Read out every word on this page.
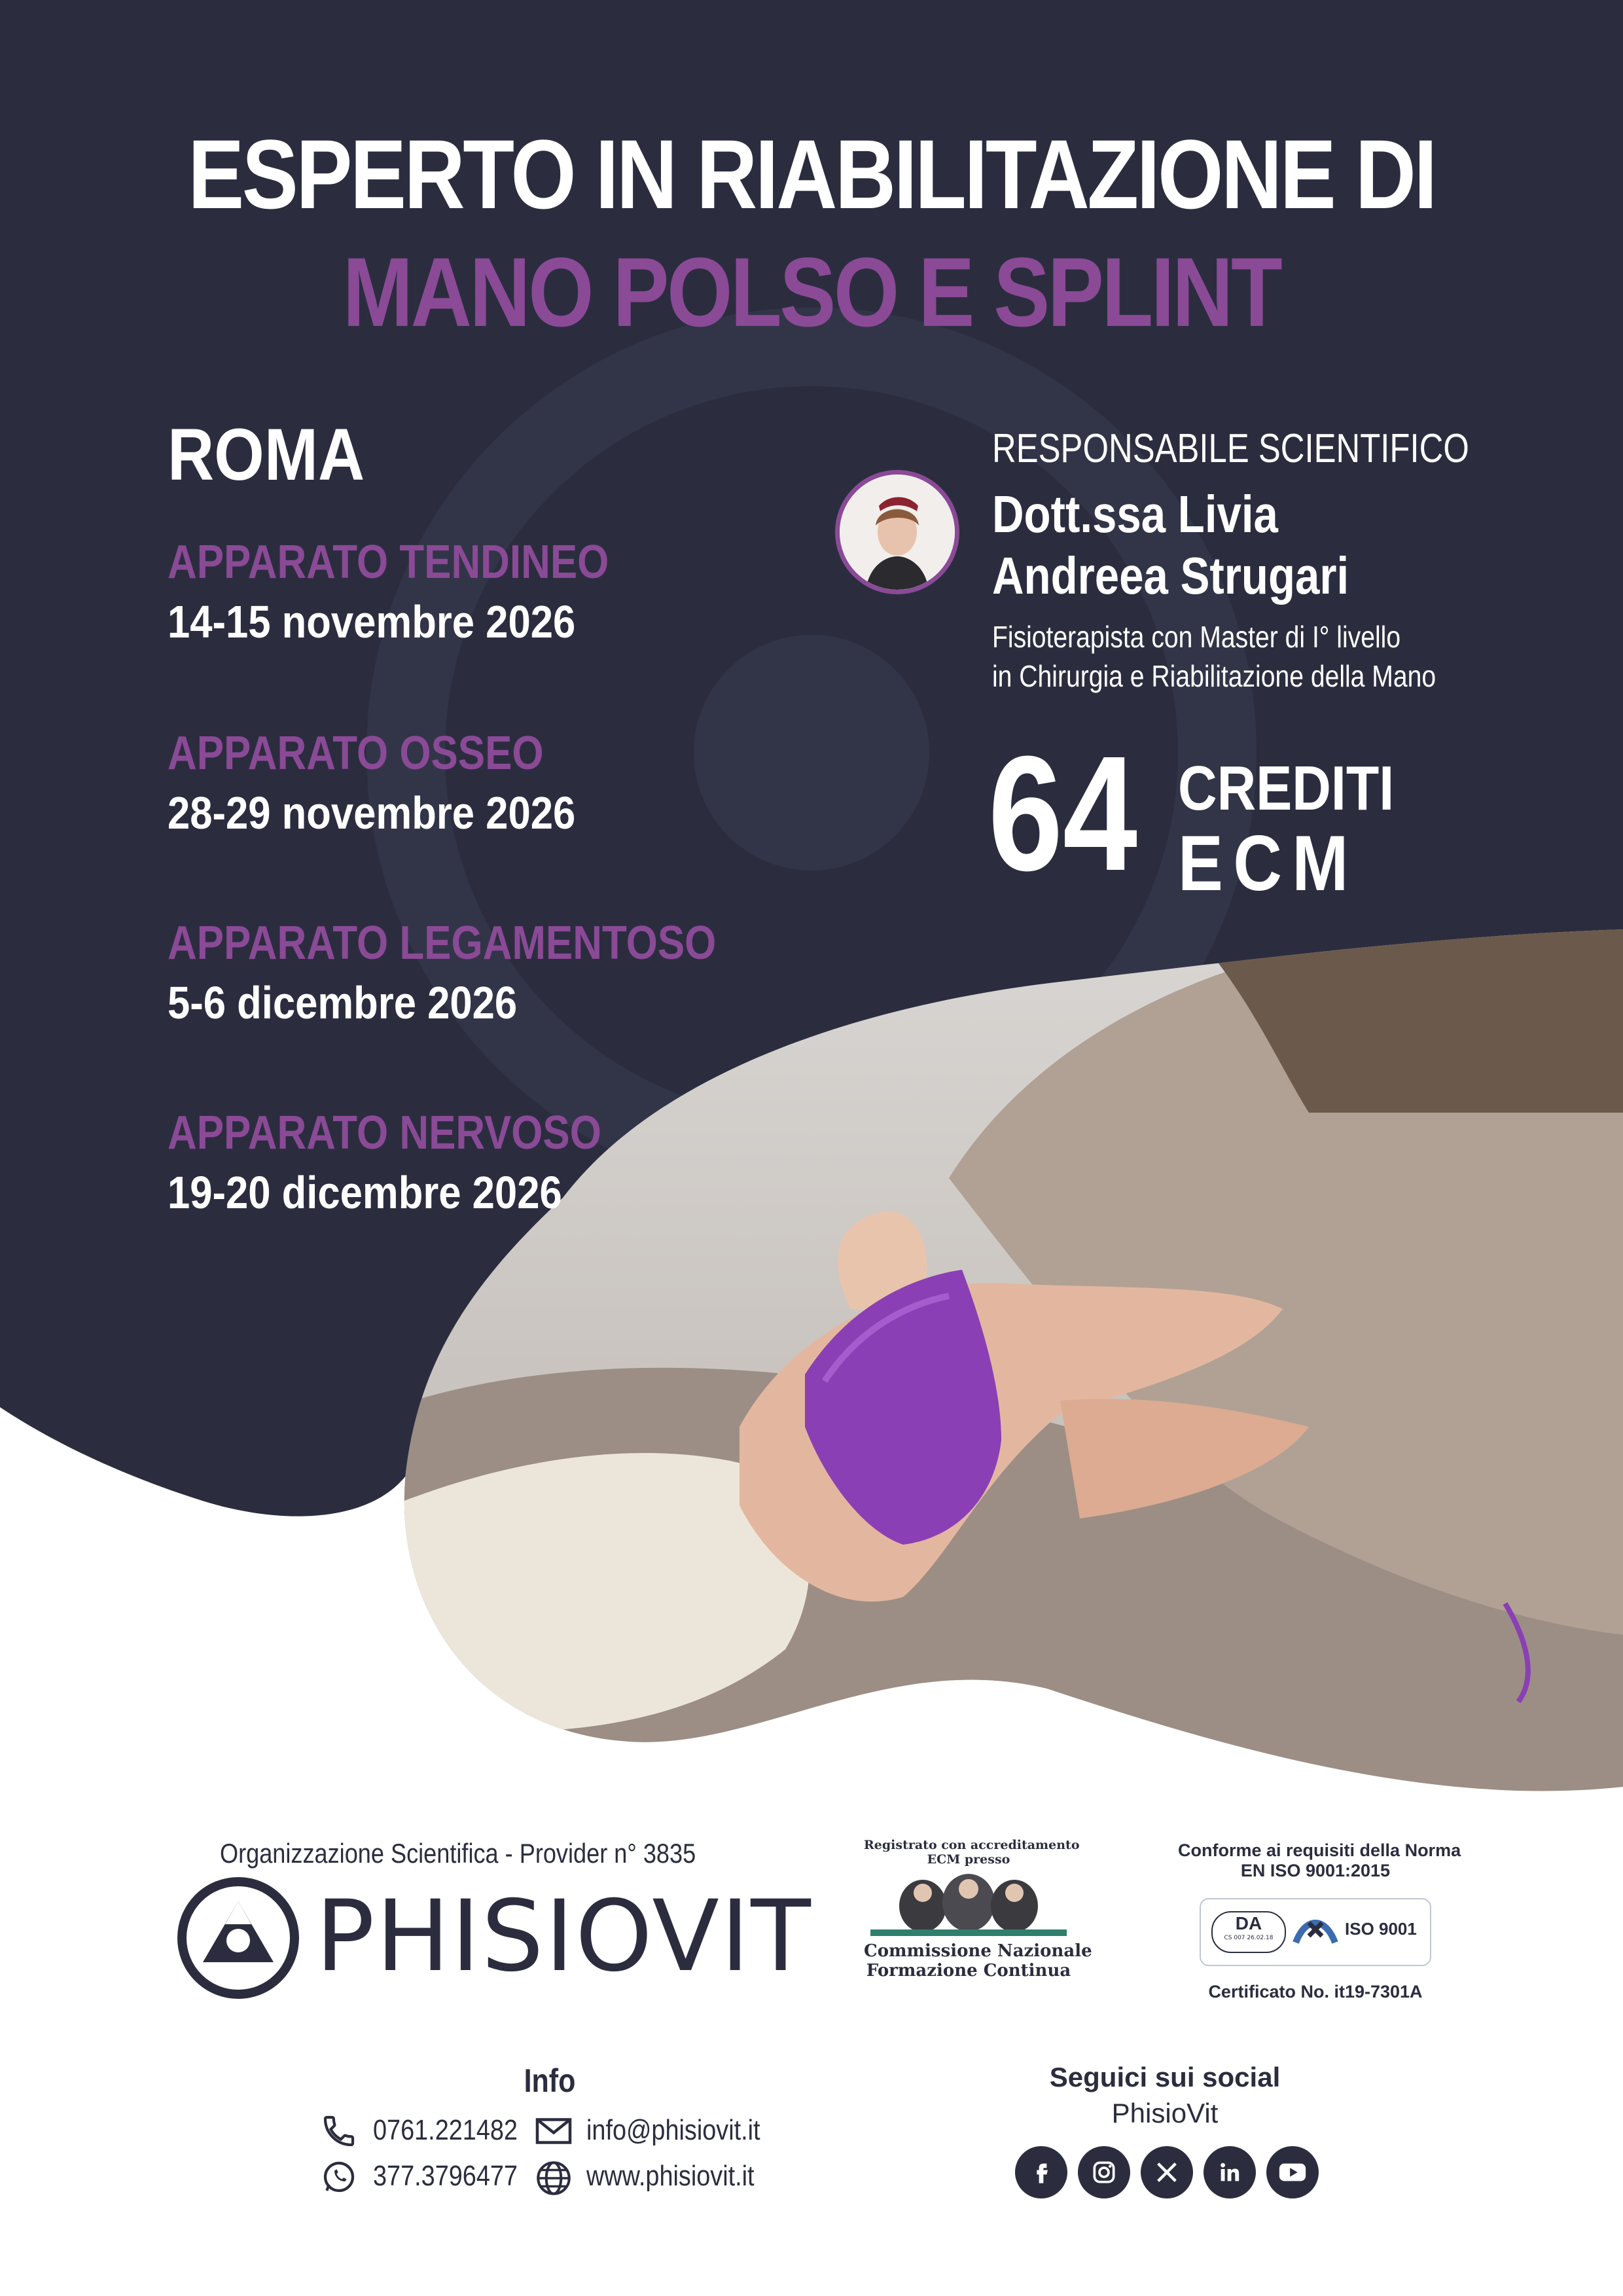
ESPERTO IN RIABILITAZIONE DI
MANO POLSO E SPLINT
ROMA
APPARATO TENDINEO
14-15 novembre 2026
APPARATO OSSEO
28-29 novembre 2026
APPARATO LEGAMENTOSO
5-6 dicembre 2026
APPARATO NERVOSO
19-20 dicembre 2026
RESPONSABILE SCIENTIFICO
Dott.ssa Livia
Andreea Strugari
Fisioterapista con Master di I° livello
in Chirurgia e Riabilitazione della Mano
64 CREDITI
ECM
Organizzazione Scientifica - Provider n° 3835
PHISIOVIT
Registrato con accreditamento
ECM presso
Commissione Nazionale
Formazione Continua
Conforme ai requisiti della Norma
EN ISO 9001:2015
DA
CS 007 26.02.18	ISO 9001
Certificato No. it19-7301A
Info
0761.221482
377.3796477
info@phisiovit.it
www.phisiovit.it
Seguici sui social
PhisioVit
